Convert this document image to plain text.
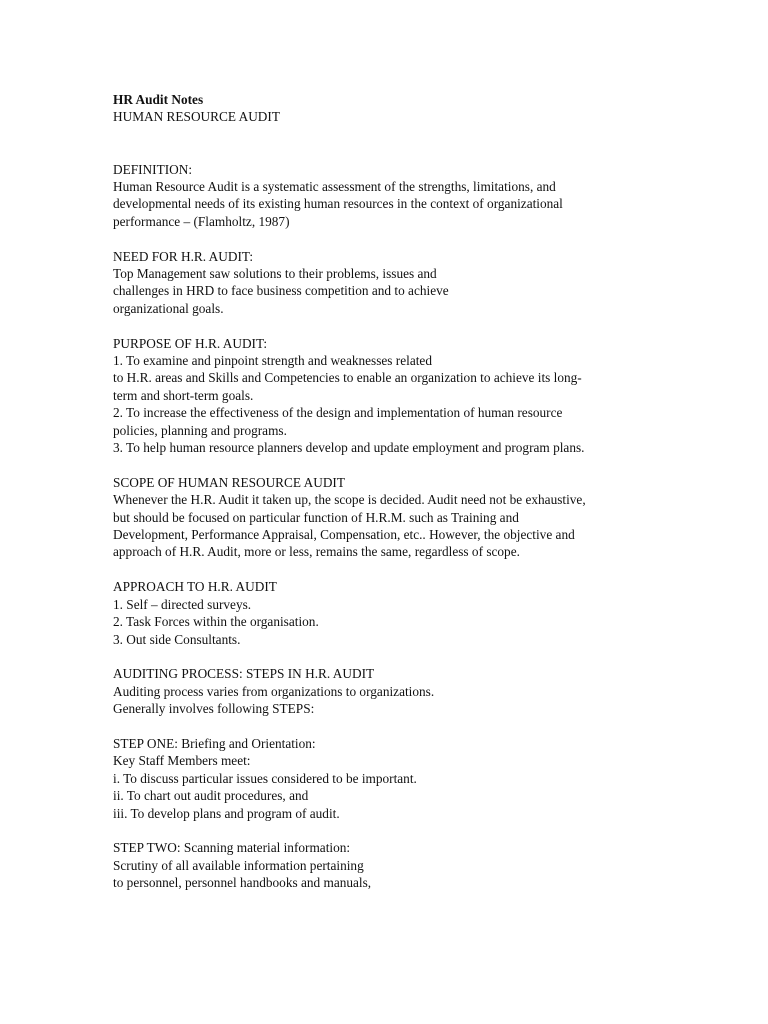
HR Audit Notes
HUMAN RESOURCE AUDIT
DEFINITION:
Human Resource Audit is a systematic assessment of the strengths, limitations, and
developmental needs of its existing human resources in the context of organizational
performance – (Flamholtz, 1987)
NEED FOR H.R. AUDIT:
Top Management saw solutions to their problems, issues and
challenges in HRD to face business competition and to achieve
organizational goals.
PURPOSE OF H.R. AUDIT:
1. To examine and pinpoint strength and weaknesses related
to H.R. areas and Skills and Competencies to enable an organization to achieve its long-
term and short-term goals.
2. To increase the effectiveness of the design and implementation of human resource
policies, planning and programs.
3. To help human resource planners develop and update employment and program plans.
SCOPE OF HUMAN RESOURCE AUDIT
Whenever the H.R. Audit it taken up, the scope is decided. Audit need not be exhaustive,
but should be focused on particular function of H.R.M. such as Training and
Development, Performance Appraisal, Compensation, etc.. However, the objective and
approach of H.R. Audit, more or less, remains the same, regardless of scope.
APPROACH TO H.R. AUDIT
1. Self – directed surveys.
2. Task Forces within the organisation.
3. Out side Consultants.
AUDITING PROCESS: STEPS IN H.R. AUDIT
Auditing process varies from organizations to organizations.
Generally involves following STEPS:
STEP ONE: Briefing and Orientation:
Key Staff Members meet:
i. To discuss particular issues considered to be important.
ii. To chart out audit procedures, and
iii. To develop plans and program of audit.
STEP TWO: Scanning material information:
Scrutiny of all available information pertaining
to personnel, personnel handbooks and manuals,
